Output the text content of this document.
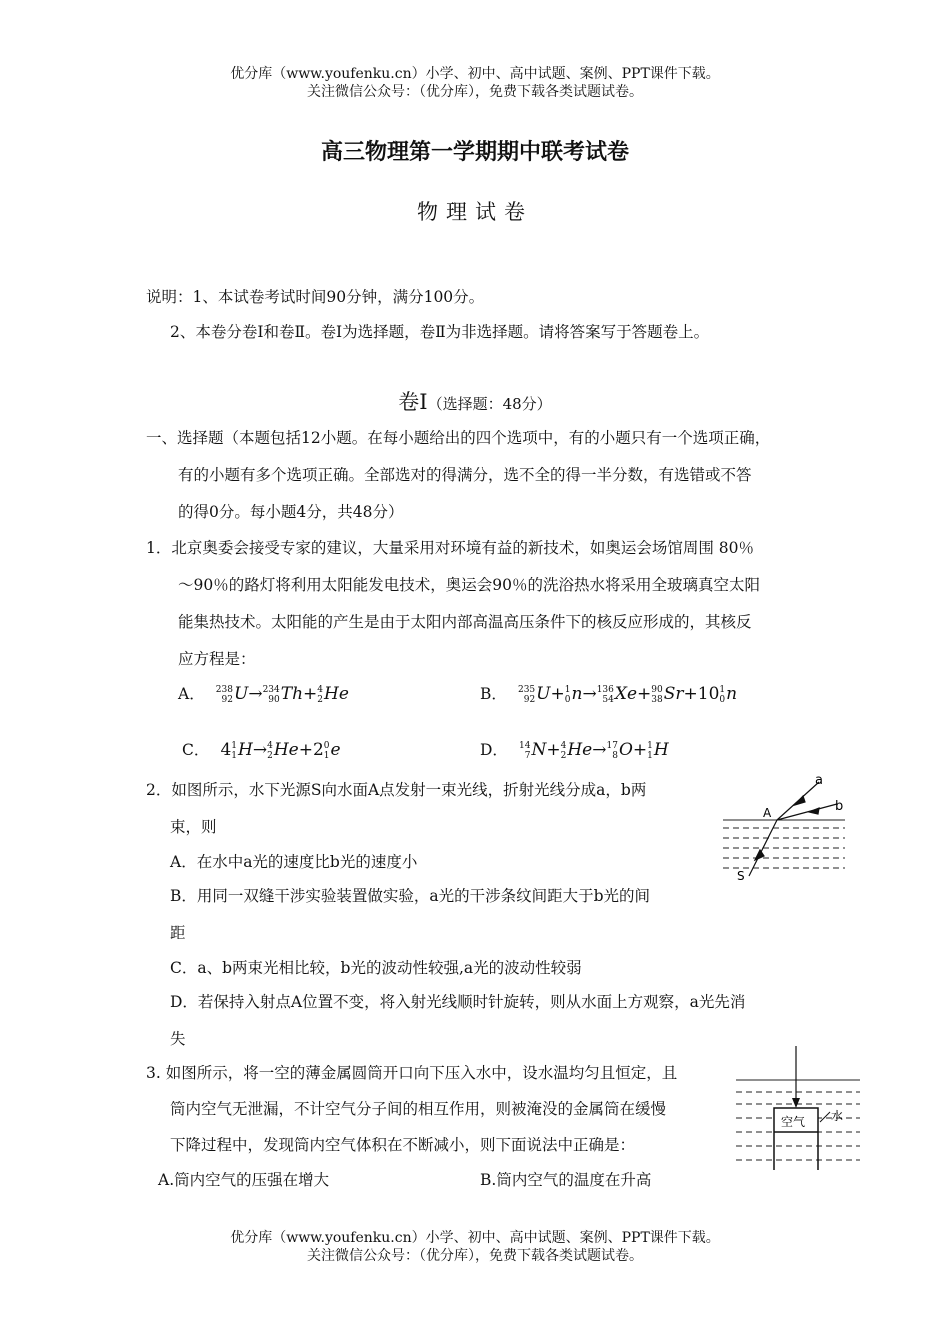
优分库（www.youfenku.cn）小学、初中、高中试题、案例、PPT课件下载。
关注微信公众号：（优分库），免费下载各类试题试卷。
高三物理第一学期期中联考试卷
物理试卷
说明：1、本试卷考试时间90分钟，满分100分。
2、本卷分卷Ⅰ和卷Ⅱ。卷Ⅰ为选择题，卷Ⅱ为非选择题。请将答案写于答题卷上。
卷Ⅰ（选择题：48分）
一、选择题（本题包括12小题。在每小题给出的四个选项中，有的小题只有一个选项正确，
有的小题有多个选项正确。全部选对的得满分，选不全的得一半分数，有选错或不答
的得0分。每小题4分，共48分）
1．北京奥委会接受专家的建议，大量采用对环境有益的新技术，如奥运会场馆周围 80％
～90％的路灯将利用太阳能发电技术，奥运会90％的洗浴热水将采用全玻璃真空太阳
能集热技术。太阳能的产生是由于太阳内部高温高压条件下的核反应形成的，其核反
应方程是：
A． 238
92 U→ 234
90 Th+ 4
2 He	B． 235
92 U+ 1
0 n→ 136
54 Xe+ 90
38 Sr+10 1
0 n
C． 4 1
1 H→ 4
2 He+2 0
1 e	D． 14
7 N+ 4
2 He→ 17
8 O+ 1
1 H
2．如图所示，水下光源S向水面A点发射一束光线，折射光线分成a，b两
束，则
A．在水中a光的速度比b光的速度小
B．用同一双缝干涉实验装置做实验，a光的干涉条纹间距大于b光的间
距
C．a、b两束光相比较，b光的波动性较强,a光的波动性较弱
D．若保持入射点A位置不变，将入射光线顺时针旋转，则从水面上方观察，a光先消
失
a
b
A
S
3. 如图所示，将一空的薄金属圆筒开口向下压入水中，设水温均匀且恒定，且
筒内空气无泄漏，不计空气分子间的相互作用，则被淹没的金属筒在缓慢
下降过程中，发现筒内空气体积在不断减小，则下面说法中正确是：
A.筒内空气的压强在增大	B.筒内空气的温度在升高
空气 水
优分库（www.youfenku.cn）小学、初中、高中试题、案例、PPT课件下载。
关注微信公众号：（优分库），免费下载各类试题试卷。
